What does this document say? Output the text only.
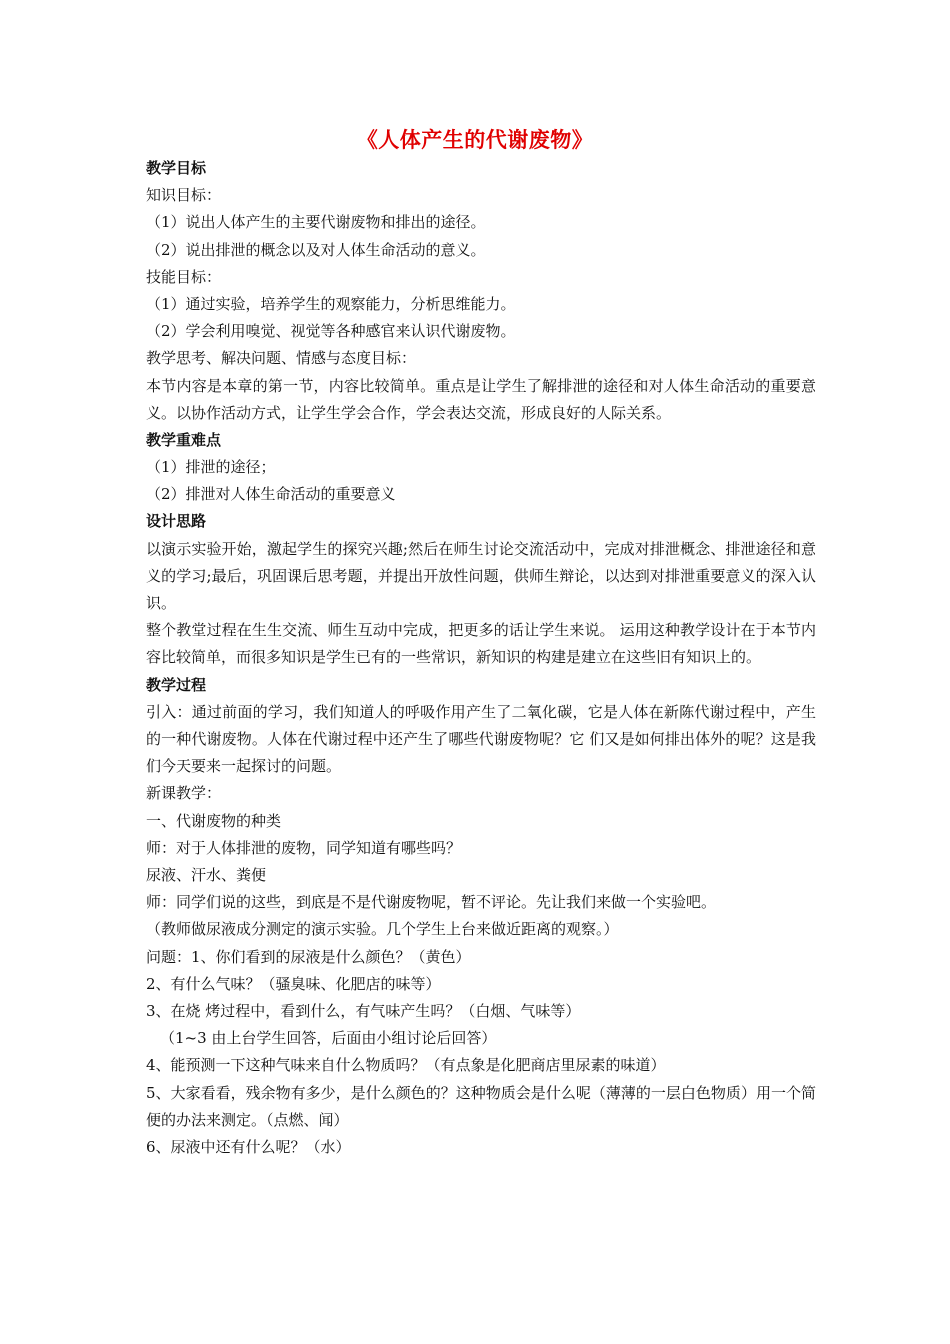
《人体产生的代谢废物》
教学目标
知识目标：
（1）说出人体产生的主要代谢废物和排出的途径。
（2）说出排泄的概念以及对人体生命活动的意义。
技能目标：
（1）通过实验，培养学生的观察能力，分析思维能力。
（2）学会利用嗅觉、视觉等各种感官来认识代谢废物。
教学思考、解决问题、情感与态度目标：
本节内容是本章的第一节，内容比较简单。重点是让学生了解排泄的途径和对人体生命活动的重要意义。以协作活动方式，让学生学会合作，学会表达交流，形成良好的人际关系。
教学重难点
（1）排泄的途径；
（2）排泄对人体生命活动的重要意义
设计思路
以演示实验开始，激起学生的探究兴趣;然后在师生讨论交流活动中，完成对排泄概念、排泄途径和意义的学习;最后，巩固课后思考题，并提出开放性问题，供师生辩论，以达到对排泄重要意义的深入认识。
整个教堂过程在生生交流、师生互动中完成，把更多的话让学生来说。 运用这种教学设计在于本节内容比较简单，而很多知识是学生已有的一些常识，新知识的构建是建立在这些旧有知识上的。
教学过程
引入：通过前面的学习，我们知道人的呼吸作用产生了二氧化碳，它是人体在新陈代谢过程中，产生的一种代谢废物。人体在代谢过程中还产生了哪些代谢废物呢？它 们又是如何排出体外的呢？这是我们今天要来一起探讨的问题。
新课教学：
一、代谢废物的种类
师：对于人体排泄的废物，同学知道有哪些吗？
尿液、汗水、粪便
师：同学们说的这些，到底是不是代谢废物呢，暂不评论。先让我们来做一个实验吧。
（教师做尿液成分测定的演示实验。几个学生上台来做近距离的观察。）
问题：1、你们看到的尿液是什么颜色？（黄色）
2、有什么气味？（骚臭味、化肥店的味等）
3、在烧 烤过程中，看到什么，有气味产生吗？（白烟、气味等）
（1~3 由上台学生回答，后面由小组讨论后回答）
4、能预测一下这种气味来自什么物质吗？（有点象是化肥商店里尿素的味道）
5、大家看看，残余物有多少，是什么颜色的？这种物质会是什么呢（薄薄的一层白色物质）用一个简便的办法来测定。（点燃、闻）
6、尿液中还有什么呢？（水）
